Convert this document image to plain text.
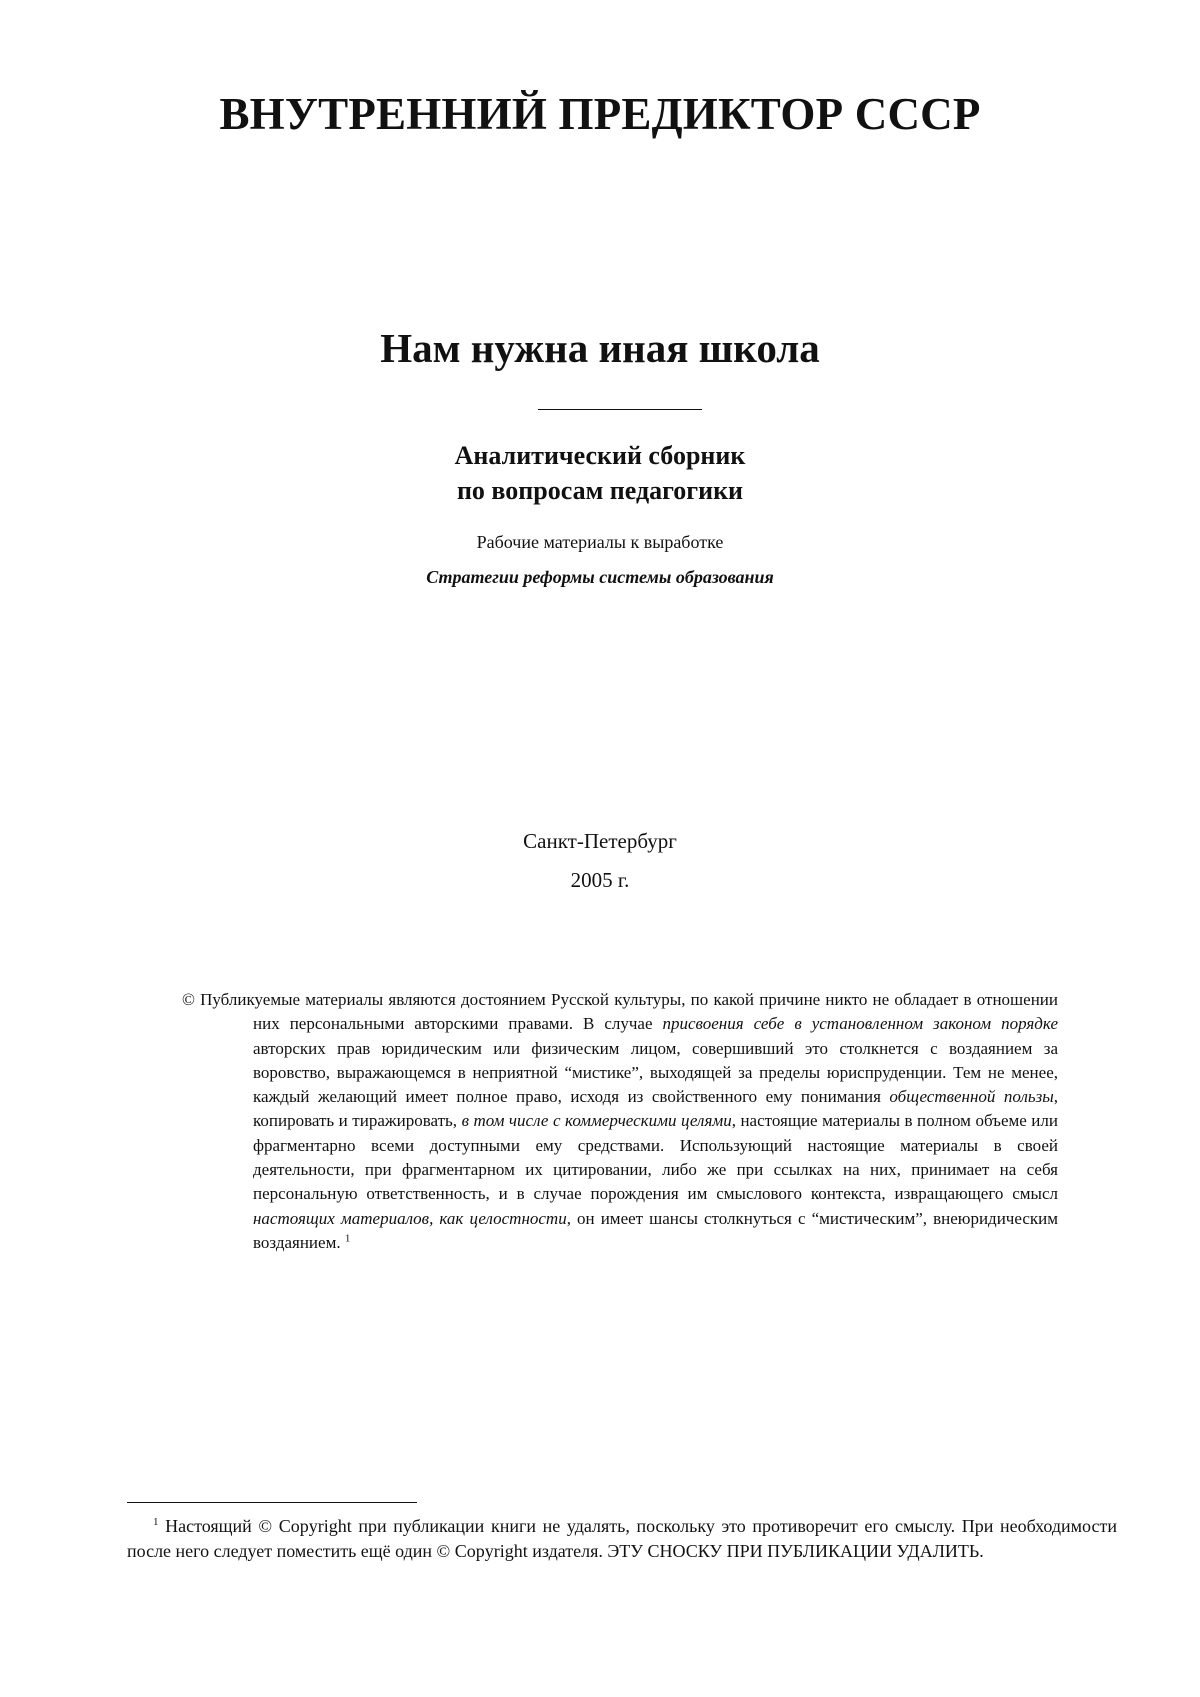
ВНУТРЕННИЙ ПРЕДИКТОР СССР
Нам нужна иная школа
Аналитический сборник
по вопросам педагогики
Рабочие материалы к выработке
Стратегии реформы системы образования
Санкт-Петербург
2005 г.
© Публикуемые материалы являются достоянием Русской культуры, по какой причине никто не обладает в отношении них персональными авторскими правами. В случае присвоения себе в установленном законом порядке авторских прав юридическим или физическим лицом, совершивший это столкнется с воздаянием за воровство, выражающемся в неприятной “мистике”, выходящей за пределы юриспруденции. Тем не менее, каждый желающий имеет полное право, исходя из свойственного ему понимания общественной пользы, копировать и тиражировать, в том числе с коммерческими целями, настоящие материалы в полном объеме или фрагментарно всеми доступными ему средствами. Использующий настоящие материалы в своей деятельности, при фрагментарном их цитировании, либо же при ссылках на них, принимает на себя персональную ответственность, и в случае порождения им смыслового контекста, извращающего смысл настоящих материалов, как целостности, он имеет шансы столкнуться с “мистическим”, внеюридическим воздаянием. $^1$
$^1$ Настоящий © Copyright при публикации книги не удалять, поскольку это противоречит его смыслу. При необходимости после него следует поместить ещё один © Copyright издателя. ЭТУ СНОСКУ ПРИ ПУБЛИКАЦИИ УДАЛИТЬ.
